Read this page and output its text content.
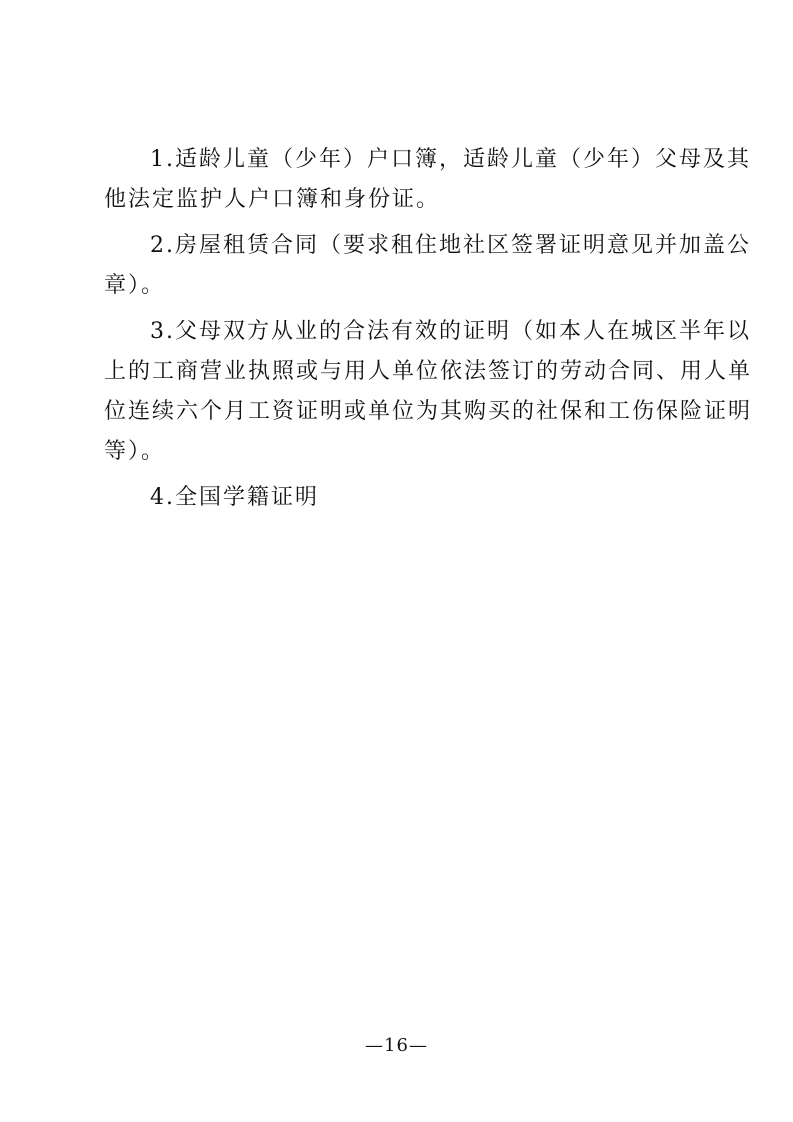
1.适龄儿童（少年）户口簿，适龄儿童（少年）父母及其
他法定监护人户口簿和身份证。
2.房屋租赁合同（要求租住地社区签署证明意见并加盖公
章）。
3.父母双方从业的合法有效的证明（如本人在城区半年以
上的工商营业执照或与用人单位依法签订的劳动合同、用人单
位连续六个月工资证明或单位为其购买的社保和工伤保险证明
等）。
4.全国学籍证明
—16—
